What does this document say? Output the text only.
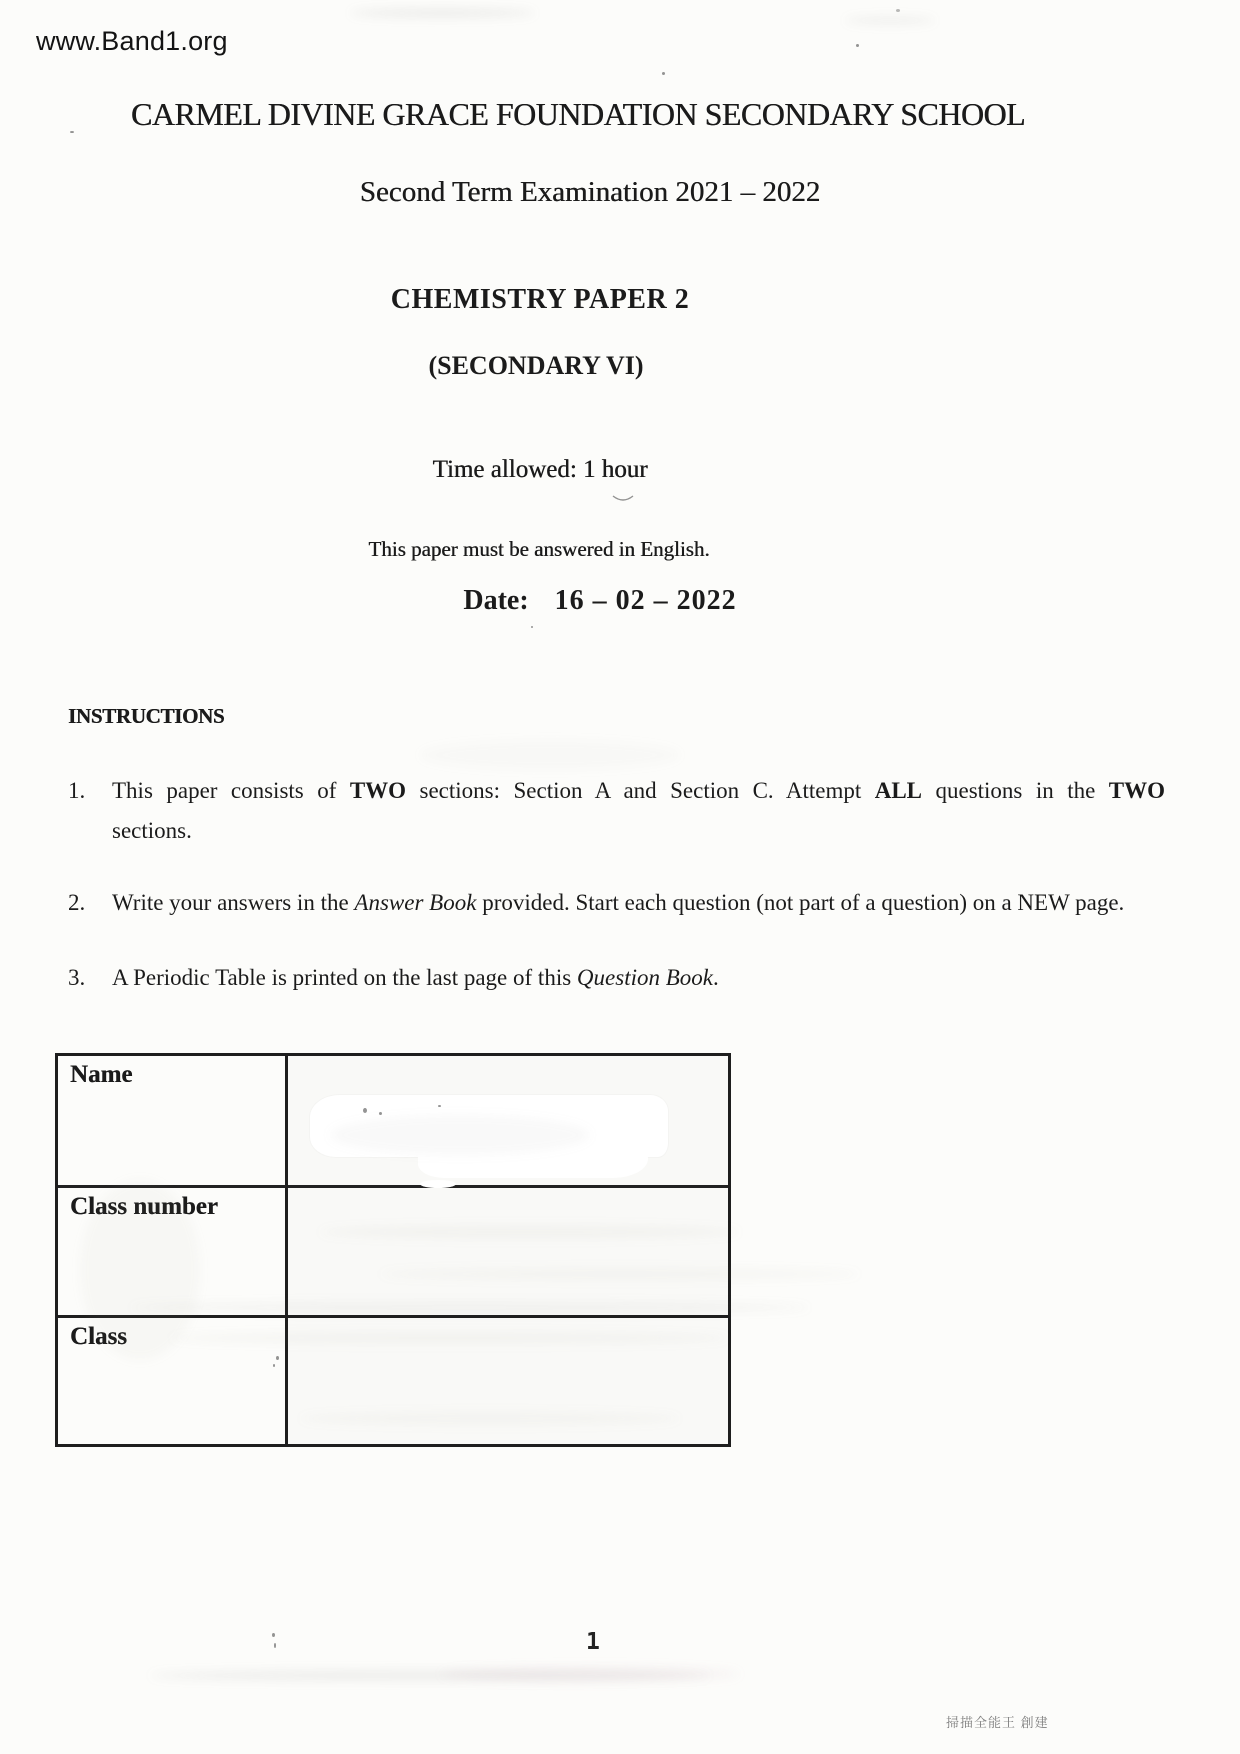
www.Band1.org
CARMEL DIVINE GRACE FOUNDATION SECONDARY SCHOOL
Second Term Examination 2021 – 2022
CHEMISTRY PAPER 2
(SECONDARY VI)
Time allowed: 1 hour
This paper must be answered in English.
Date: 16 – 02 – 2022
INSTRUCTIONS
1. This paper consists of TWO sections: Section A and Section C. Attempt ALL questions in the TWO
sections.
2. Write your answers in the Answer Book provided. Start each question (not part of a question) on a NEW page.
3. A Periodic Table is printed on the last page of this Question Book.
Name
Class number
Class
1
掃描全能王 創建
